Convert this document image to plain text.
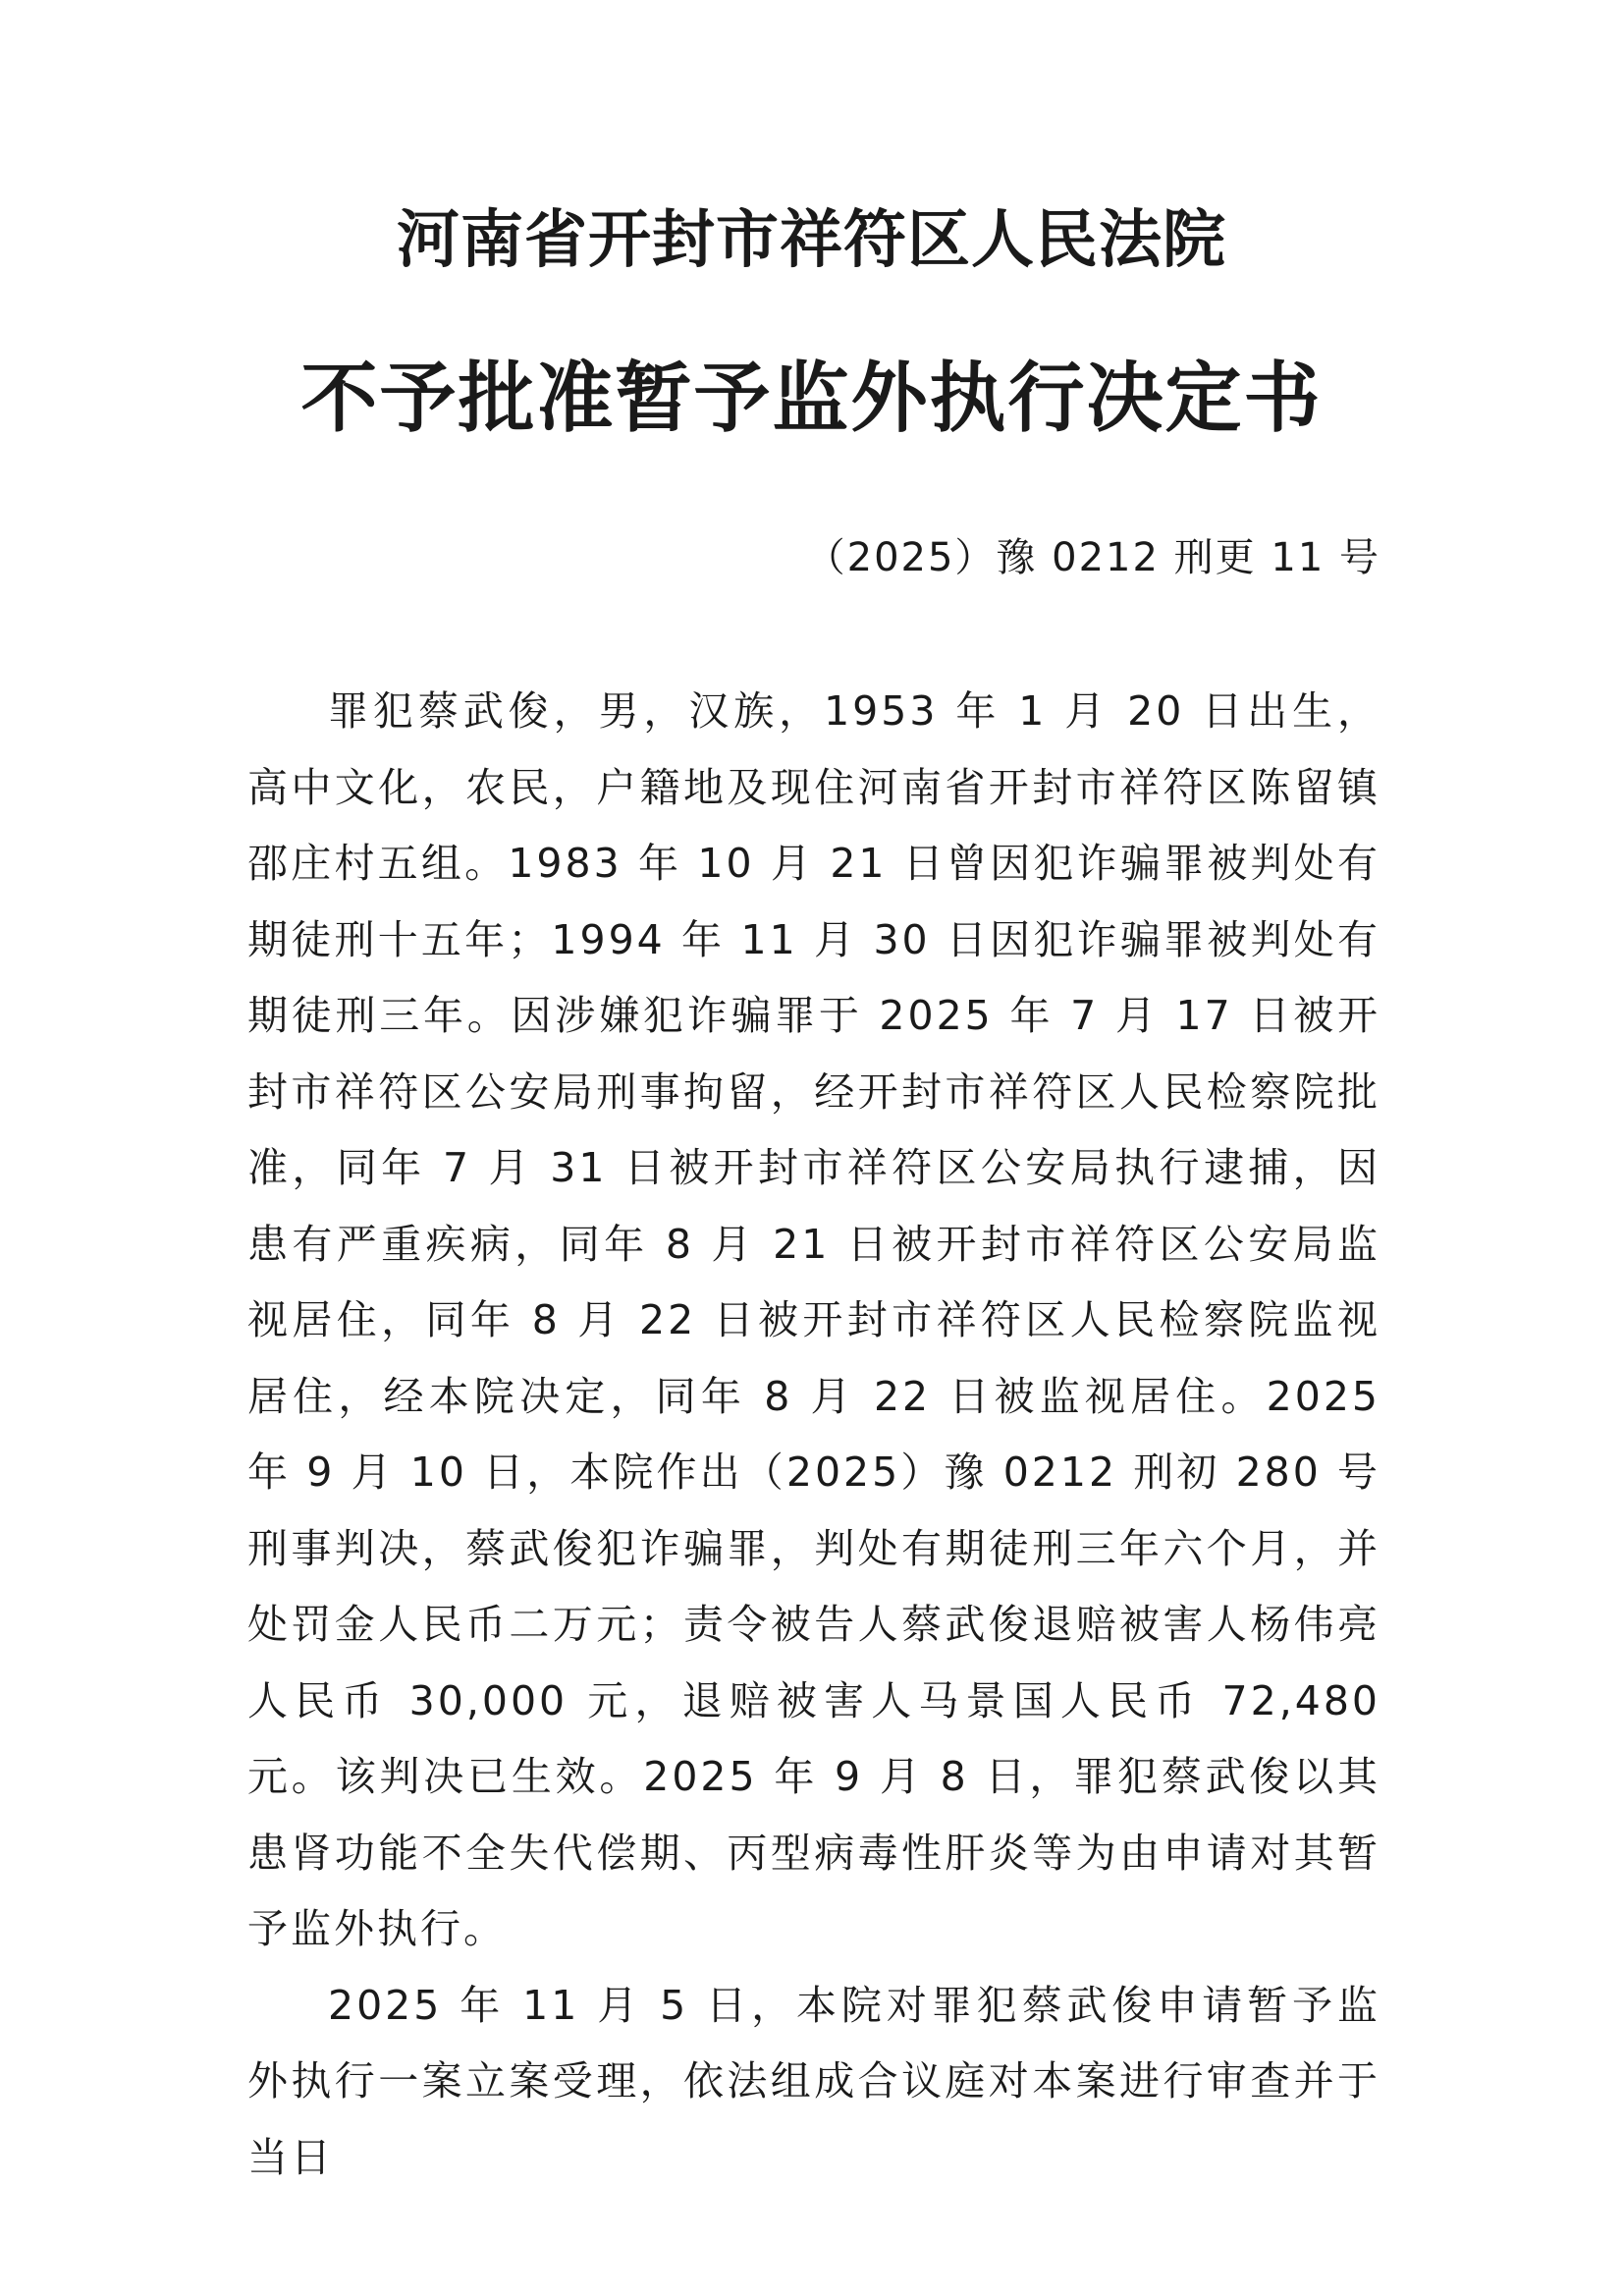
河南省开封市祥符区人民法院
不予批准暂予监外执行决定书
（2025）豫 0212 刑更 11 号

罪犯蔡武俊，男，汉族，1953 年 1 月 20 日出生，高中文化，农民，户籍地及现住河南省开封市祥符区陈留镇邵庄村五组。1983 年 10 月 21 日曾因犯诈骗罪被判处有期徒刑十五年；1994 年 11 月 30 日因犯诈骗罪被判处有期徒刑三年。因涉嫌犯诈骗罪于 2025 年 7 月 17 日被开封市祥符区公安局刑事拘留，经开封市祥符区人民检察院批准，同年 7 月 31 日被开封市祥符区公安局执行逮捕，因患有严重疾病，同年 8 月 21 日被开封市祥符区公安局监视居住，同年 8 月 22 日被开封市祥符区人民检察院监视居住，经本院决定，同年 8 月 22 日被监视居住。2025 年 9 月 10 日，本院作出（2025）豫 0212 刑初 280 号刑事判决，蔡武俊犯诈骗罪，判处有期徒刑三年六个月，并处罚金人民币二万元；责令被告人蔡武俊退赔被害人杨伟亮人民币 30,000 元，退赔被害人马景国人民币 72,480 元。该判决已生效。2025 年 9 月 8 日，罪犯蔡武俊以其患肾功能不全失代偿期、丙型病毒性肝炎等为由申请对其暂予监外执行。

2025 年 11 月 5 日，本院对罪犯蔡武俊申请暂予监外执行一案立案受理，依法组成合议庭对本案进行审查并于当日
